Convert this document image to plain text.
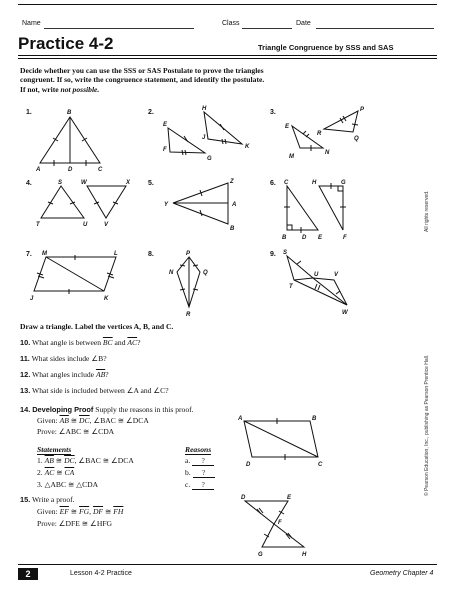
Name	Class	Date
Practice 4-2	Triangle Congruence by SSS and SAS
Decide whether you can use the SSS or SAS Postulate to prove the triangles congruent. If so, write the congruence statement, and identify the postulate.
If not, write not possible.
1.	B
A	D	C
2.	H
E
J
K
F
G
3.	P
E
R
Q
M
N
4.	S	W	X
T	U	V
5.	Z
Y	A
B
6. C	H	G
B	D E	F
7. M	L
J	K
8.	P
N	Q
R
9. S
U	V
T
W
A	B
D	C
D	E
F
G	H
Draw a triangle. Label the vertices A, B, and C.
10. What angle is between $\overline{BC}$ and $\overline{AC}$?
11. What sides include ∠B?
12. What angles include $\overline{AB}$?
13. What side is included between ∠A and ∠C?
14. Developing Proof Supply the reasons in this proof.
Given: $\overline{AB}$ ≅ $\overline{DC}$, ∠BAC ≅ ∠DCA
Prove: ∠ABC ≅ ∠CDA
Statements	Reasons
1. $\overline{AB}$ ≅ $\overline{DC}$, ∠BAC ≅ ∠DCA	a. ?
2. $\overline{AC}$ ≅ $\overline{CA}$	b. ?
3. △ABC ≅ △CDA	c. ?
15. Write a proof.
Given: $\overline{EF}$ ≅ $\overline{FG}$, $\overline{DF}$ ≅ $\overline{FH}$
Prove: ∠DFE ≅ ∠HFG
All rights reserved.
© Pearson Education, Inc., publishing as Pearson Prentice Hall.
2	Lesson 4-2 Practice	Geometry Chapter 4
